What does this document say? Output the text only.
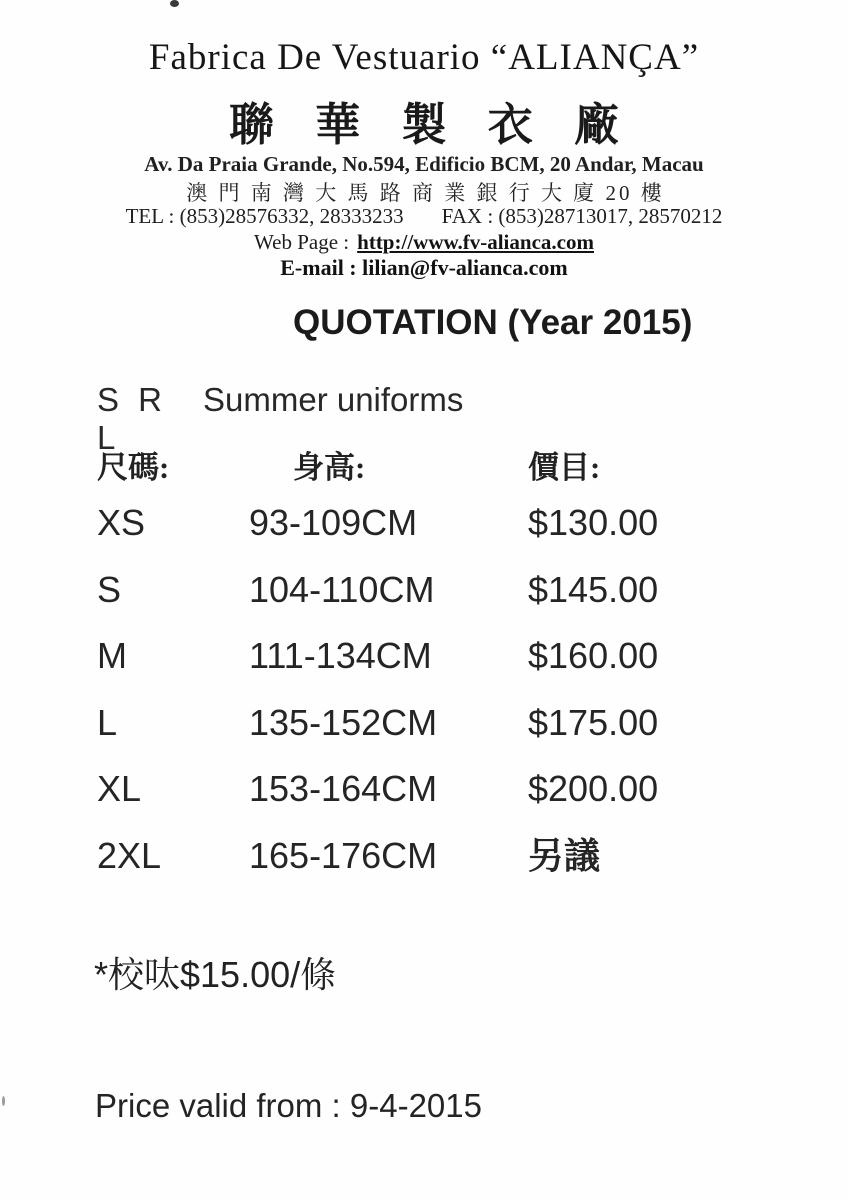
Fabrica De Vestuario “ALIANÇA”
聯 華 製 衣 廠
Av. Da Praia Grande, No.594, Edificio BCM, 20 Andar, Macau
澳 門 南 灣 大 馬 路 商 業 銀 行 大 廈 20 樓
TEL : (853)28576332, 28333233 FAX : (853)28713017, 28570212
Web Page : http://www.fv-alianca.com
E-mail : lilian@fv-alianca.com
QUOTATION (Year 2015)
S R L
Summer uniforms
尺碼:	身高:	價目:
XS	93-109CM	$130.00
S	104-110CM	$145.00
M	111-134CM	$160.00
L	135-152CM	$175.00
XL	153-164CM	$200.00
2XL	165-176CM	另議
*校呔$15.00/條
Price valid from : 9-4-2015
